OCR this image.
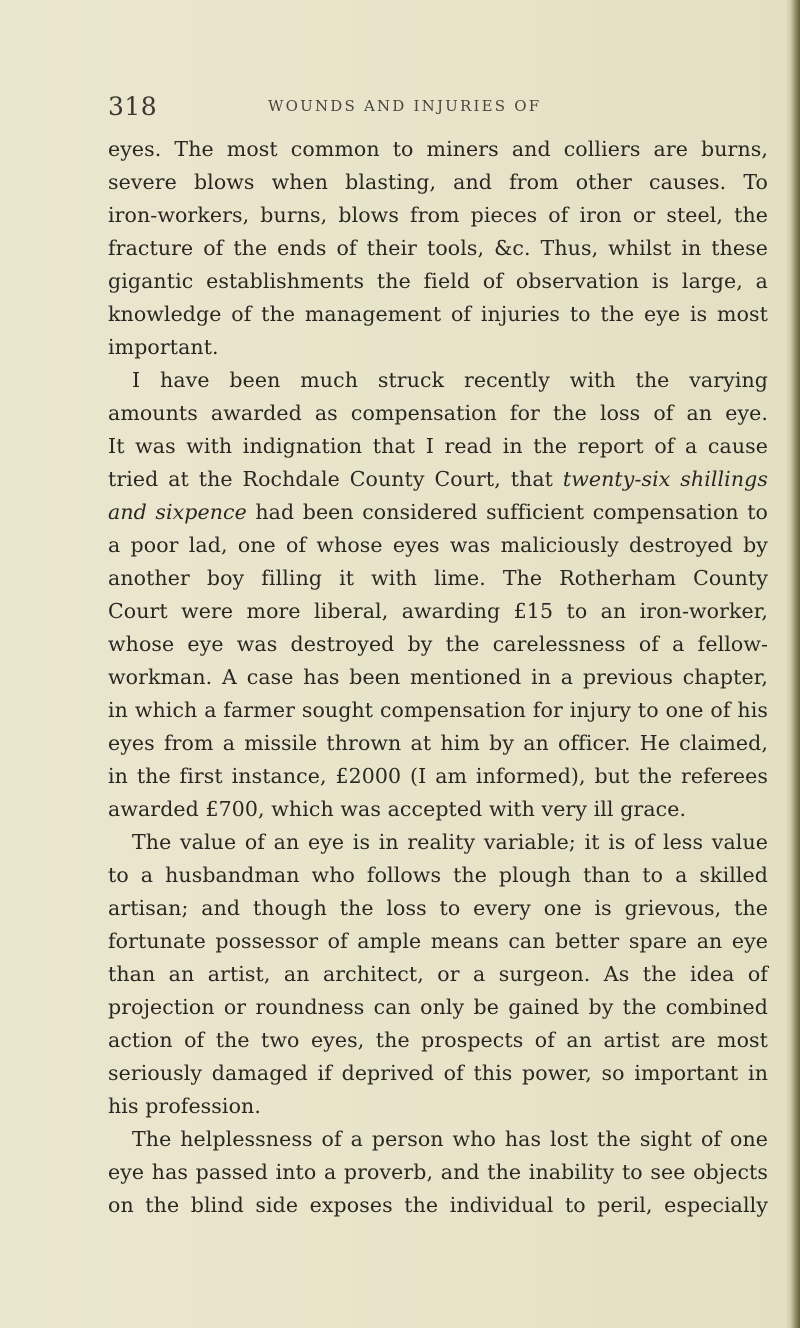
318	WOUNDS AND INJURIES OF
eyes. The most common to miners and colliers are burns,
severe blows when blasting, and from other causes. To
iron-workers, burns, blows from pieces of iron or steel, the
fracture of the ends of their tools, &c. Thus, whilst in these
gigantic establishments the field of observation is large, a
knowledge of the management of injuries to the eye is most
important.
I have been much struck recently with the varying
amounts awarded as compensation for the loss of an eye.
It was with indignation that I read in the report of a cause
tried at the Rochdale County Court, that twenty-six shillings
and sixpence had been considered sufficient compensation to
a poor lad, one of whose eyes was maliciously destroyed by
another boy filling it with lime. The Rotherham County
Court were more liberal, awarding £15 to an iron-worker,
whose eye was destroyed by the carelessness of a fellow-
workman. A case has been mentioned in a previous chapter,
in which a farmer sought compensation for injury to one of his
eyes from a missile thrown at him by an officer. He claimed,
in the first instance, £2000 (I am informed), but the referees
awarded £700, which was accepted with very ill grace.
The value of an eye is in reality variable; it is of less value
to a husbandman who follows the plough than to a skilled
artisan; and though the loss to every one is grievous, the
fortunate possessor of ample means can better spare an eye
than an artist, an architect, or a surgeon. As the idea of
projection or roundness can only be gained by the combined
action of the two eyes, the prospects of an artist are most
seriously damaged if deprived of this power, so important in
his profession.
The helplessness of a person who has lost the sight of one
eye has passed into a proverb, and the inability to see objects
on the blind side exposes the individual to peril, especially
